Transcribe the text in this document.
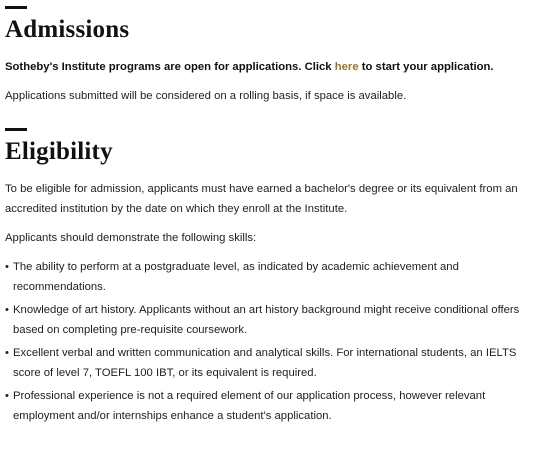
Admissions

Sotheby's Institute programs are open for applications. Click here to start your application.

Applications submitted will be considered on a rolling basis, if space is available.

Eligibility

To be eligible for admission, applicants must have earned a bachelor's degree or its equivalent from an accredited institution by the date on which they enroll at the Institute.

Applicants should demonstrate the following skills:

• The ability to perform at a postgraduate level, as indicated by academic achievement and recommendations.
• Knowledge of art history. Applicants without an art history background might receive conditional offers based on completing pre-requisite coursework.
• Excellent verbal and written communication and analytical skills. For international students, an IELTS score of level 7, TOEFL 100 IBT, or its equivalent is required.
• Professional experience is not a required element of our application process, however relevant employment and/or internships enhance a student's application.
